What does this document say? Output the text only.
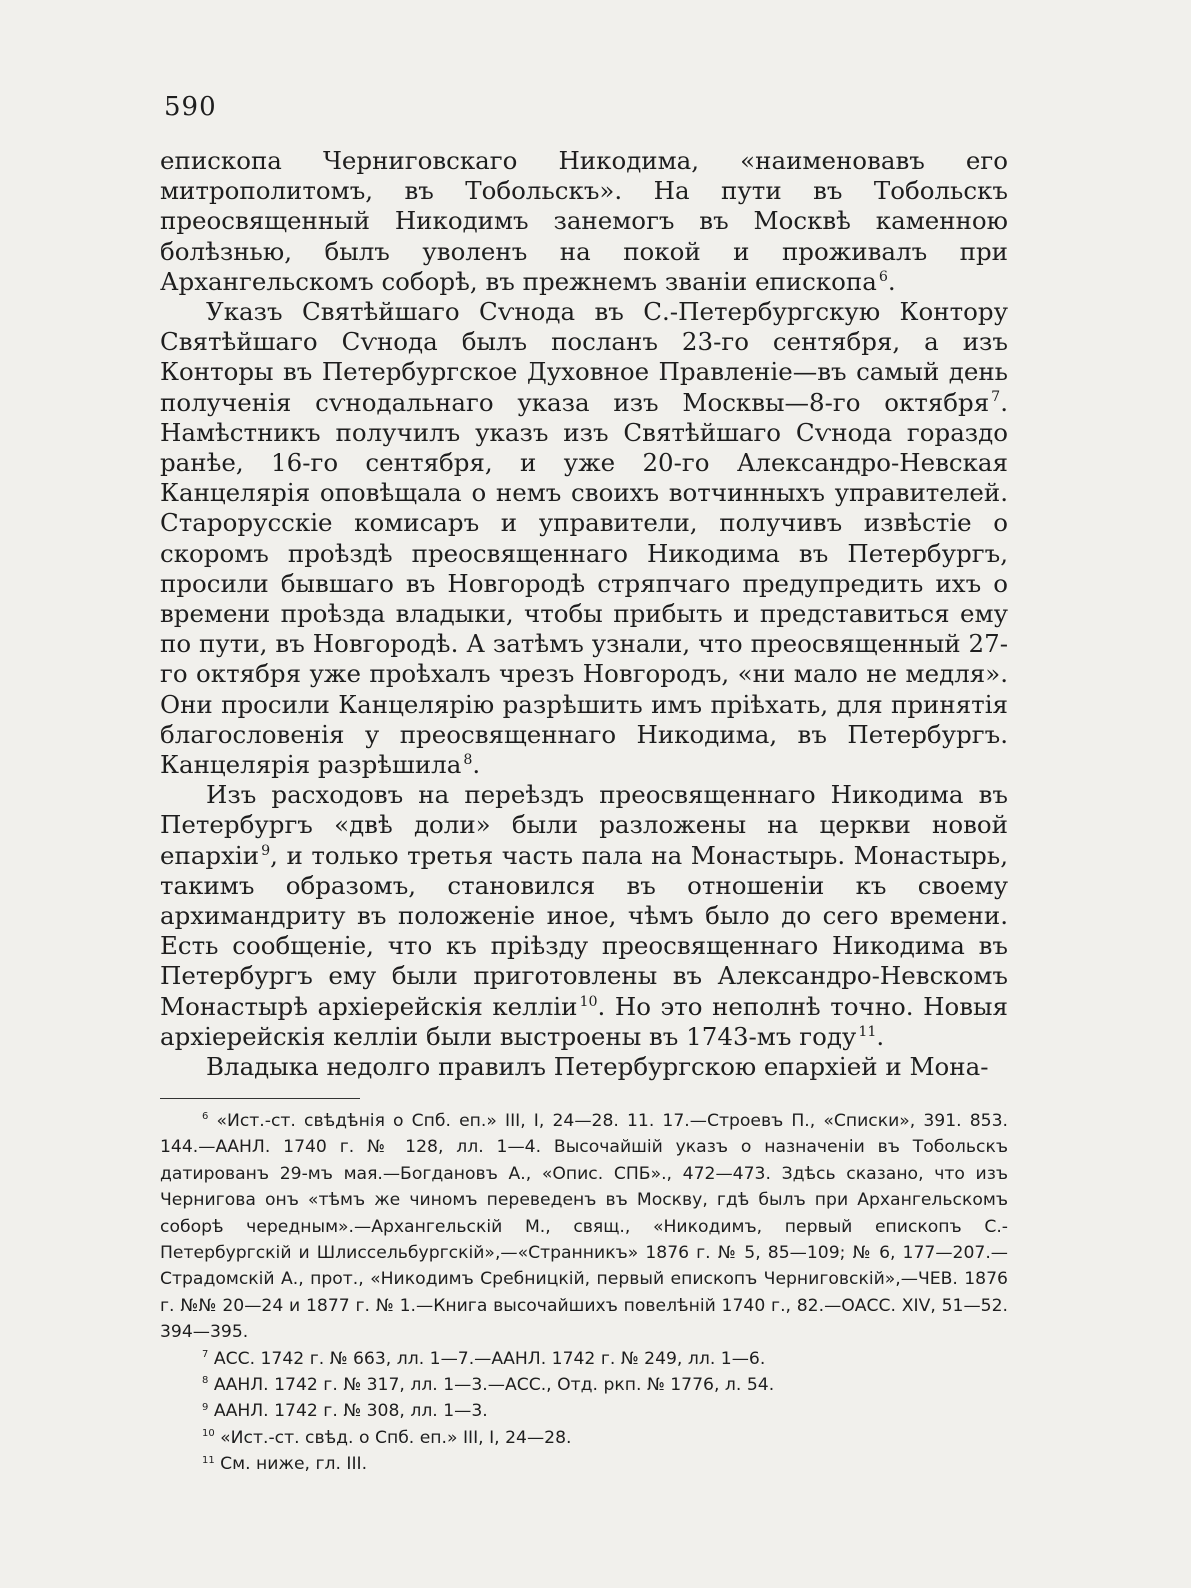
590

епископа Черниговскаго Никодима, «наименовавъ его митрополитомъ, въ Тобольскъ». На пути въ Тобольскъ преосвященный Никодимъ занемогъ въ Москвѣ каменною болѣзнью, былъ уволенъ на покой и проживалъ при Архангельскомъ соборѣ, въ прежнемъ званіи епископа $^6$.

Указъ Святѣйшаго Сѵнода въ С.-Петербургскую Контору Святѣйшаго Сѵнода былъ посланъ 23-го сентября, а изъ Конторы въ Петербургское Духовное Правленіе—въ самый день полученія сѵнодальнаго указа изъ Москвы—8-го октября $^7$. Намѣстникъ получилъ указъ изъ Святѣйшаго Сѵнода гораздо ранѣе, 16-го сентября, и уже 20-го Александро-Невская Канцелярія оповѣщала о немъ своихъ вотчинныхъ управителей. Старорусскіе комисаръ и управители, получивъ извѣстіе о скоромъ проѣздѣ преосвященнаго Никодима въ Петербургъ, просили бывшаго въ Новгородѣ стряпчаго предупредить ихъ о времени проѣзда владыки, чтобы прибыть и представиться ему по пути, въ Новгородѣ. А затѣмъ узнали, что преосвященный 27-го октября уже проѣхалъ чрезъ Новгородъ, «ни мало не медля». Они просили Канцелярію разрѣшить имъ пріѣхать, для принятія благословенія у преосвященнаго Никодима, въ Петербургъ. Канцелярія разрѣшила $^8$.

Изъ расходовъ на переѣздъ преосвященнаго Никодима въ Петербургъ «двѣ доли» были разложены на церкви новой епархіи $^9$, и только третья часть пала на Монастырь. Монастырь, такимъ образомъ, становился въ отношеніи къ своему архимандриту въ положеніе иное, чѣмъ было до сего времени. Есть сообщеніе, что къ пріѣзду преосвященнаго Никодима въ Петербургъ ему были приготовлены въ Александро-Невскомъ Монастырѣ архіерейскія келліи $^{10}$. Но это неполнѣ точно. Новыя архіерейскія келліи были выстроены въ 1743-мъ году $^{11}$.

Владыка недолго правилъ Петербургскою епархіей и Мона-

$^6$ «Ист.-ст. свѣдѣнія о Спб. еп.» III, I, 24—28. 11. 17.—Строевъ П., «Списки», 391. 853. 144.—ААНЛ. 1740 г. № 128, лл. 1—4. Высочайшій указъ о назначеніи въ Тобольскъ датированъ 29-мъ мая.—Богдановъ А., «Опис. СПБ»., 472—473. Здѣсь сказано, что изъ Чернигова онъ «тѣмъ же чиномъ переведенъ въ Москву, гдѣ былъ при Архангельскомъ соборѣ чередным».—Архангельскій М., свящ., «Никодимъ, первый епископъ С.-Петербургскій и Шлиссельбургскій»,—«Странникъ» 1876 г. № 5, 85—109; № 6, 177—207.—Страдомскій А., прот., «Никодимъ Сребницкій, первый епископъ Черниговскій»,—ЧЕВ. 1876 г. №№ 20—24 и 1877 г. № 1.—Книга высочайшихъ повелѣній 1740 г., 82.—ОАСС. XIV, 51—52. 394—395.

$^7$ АСС. 1742 г. № 663, лл. 1—7.—ААНЛ. 1742 г. № 249, лл. 1—6.

$^8$ ААНЛ. 1742 г. № 317, лл. 1—3.—АСС., Отд. ркп. № 1776, л. 54.

$^9$ ААНЛ. 1742 г. № 308, лл. 1—3.

$^{10}$ «Ист.-ст. свѣд. о Спб. еп.» III, I, 24—28.

$^{11}$ См. ниже, гл. III.
